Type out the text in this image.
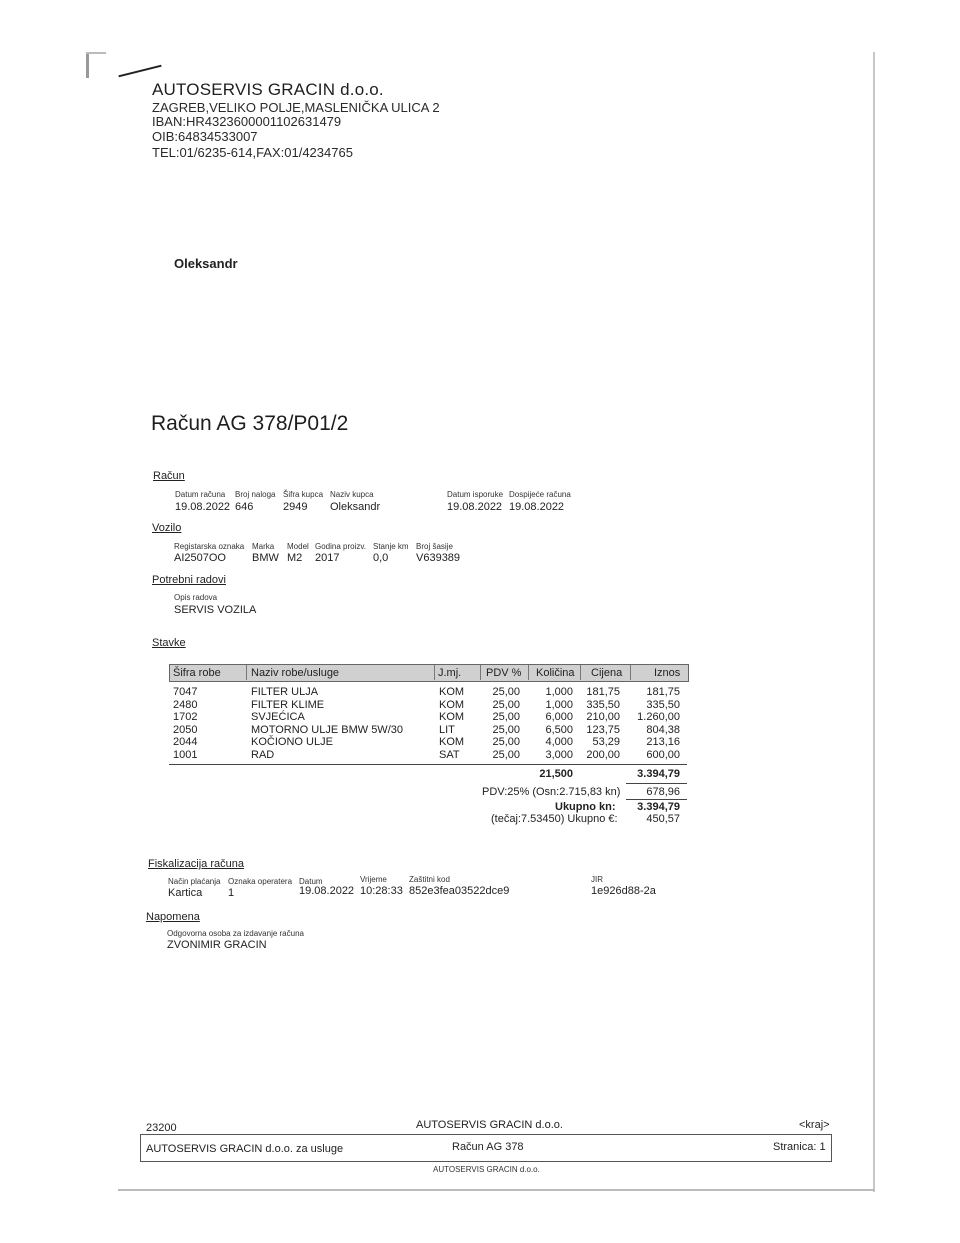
AUTOSERVIS GRACIN d.o.o.
ZAGREB,VELIKO POLJE,MASLENIČKA ULICA 2
IBAN:HR4323600001102631479
OIB:64834533007
TEL:01/6235-614,FAX:01/4234765
Oleksandr
Račun AG 378/P01/2
Račun
Datum računa Broj naloga Šifra kupca Naziv kupca	Datum isporuke Dospijeće računa
19.08.2022 646	2949 Oleksandr	19.08.2022 19.08.2022
Vozilo
Registarska oznaka Marka Model Godina proizv. Stanje km Broj šasije
AI2507OO BMW M2 2017	0,0	V639389
Potrebni radovi
Opis radova
SERVIS VOZILA
Stavke
Šifra robe	Naziv robe/usluge	J.mj. PDV % Količina Cijena	Iznos
7047	FILTER ULJA	KOM	25,00 1,000 181,75 181,75
2480	FILTER KLIME	KOM	25,00 1,000 335,50 335,50
1702	SVJEĆICA	KOM	25,00 6,000 210,00 1.260,00
2050	MOTORNO ULJE BMW 5W/30	LIT	25,00 6,500 123,75 804,38
2044	KOČIONO ULJE	KOM	25,00 4,000 53,29 213,16
1001	RAD	SAT	25,00 3,000 200,00 600,00
21,500	3.394,79
PDV:25% (Osn:2.715,83 kn) 678,96
Ukupno kn: 3.394,79
(tečaj:7.53450) Ukupno €:	450,57
Fiskalizacija računa
Način plaćanja Oznaka operatera Datum	Vrijeme	Zaštitni kod	JIR
Kartica 1	19.08.2022 10:28:33 852e3fea03522dce9	1e926d88-2a
Napomena
Odgovorna osoba za izdavanje računa
ZVONIMIR GRACIN
23200	AUTOSERVIS GRACIN d.o.o.	<kraj>
AUTOSERVIS GRACIN d.o.o. za usluge	Račun AG 378	Stranica: 1
AUTOSERVIS GRACIN d.o.o.
